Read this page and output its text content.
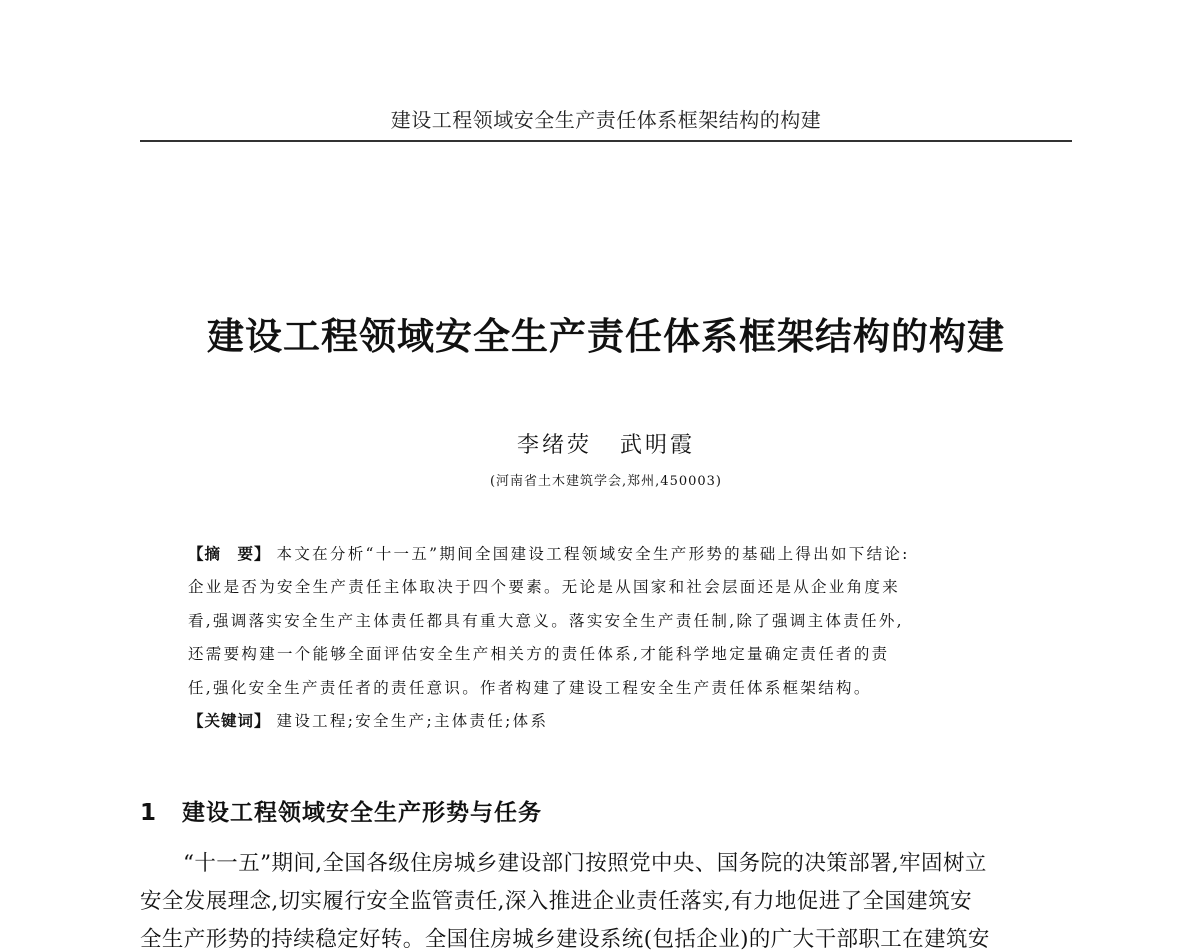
建设工程领域安全生产责任体系框架结构的构建
建设工程领域安全生产责任体系框架结构的构建
李绪荧 武明霞
(河南省土木建筑学会,郑州,450003)
【摘　要】 本文在分析“十一五”期间全国建设工程领域安全生产形势的基础上得出如下结论:
企业是否为安全生产责任主体取决于四个要素。无论是从国家和社会层面还是从企业角度来
看,强调落实安全生产主体责任都具有重大意义。落实安全生产责任制,除了强调主体责任外,
还需要构建一个能够全面评估安全生产相关方的责任体系,才能科学地定量确定责任者的责
任,强化安全生产责任者的责任意识。作者构建了建设工程安全生产责任体系框架结构。
【关键词】 建设工程;安全生产;主体责任;体系
1 建设工程领域安全生产形势与任务
“十一五”期间,全国各级住房城乡建设部门按照党中央、国务院的决策部署,牢固树立
安全发展理念,切实履行安全监管责任,深入推进企业责任落实,有力地促进了全国建筑安
全生产形势的持续稳定好转。全国住房城乡建设系统(包括企业)的广大干部职工在建筑安
